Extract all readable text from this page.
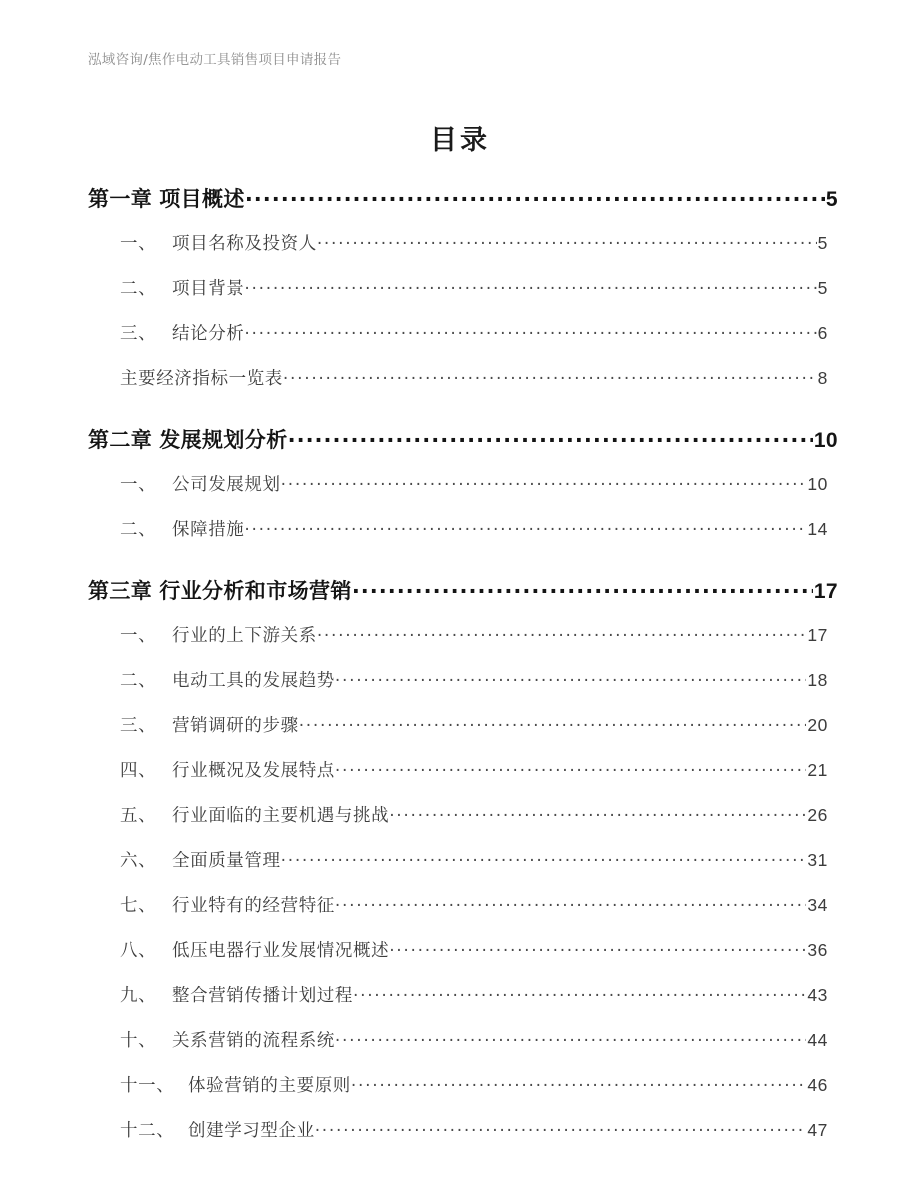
泓域咨询/焦作电动工具销售项目申请报告
目录
第一章 项目概述 .....	5
一、 项目名称及投资人 .....	5
二、 项目背景 .....	5
三、 结论分析 .....	6
主要经济指标一览表 .....	8
第二章 发展规划分析 .....	10
一、 公司发展规划 .....	10
二、 保障措施 .....	14
第三章 行业分析和市场营销 .....	17
一、 行业的上下游关系 .....	17
二、 电动工具的发展趋势 .....	18
三、 营销调研的步骤 .....	20
四、 行业概况及发展特点 .....	21
五、 行业面临的主要机遇与挑战 .....	26
六、 全面质量管理 .....	31
七、 行业特有的经营特征 .....	34
八、 低压电器行业发展情况概述 .....	36
九、 整合营销传播计划过程 .....	43
十、 关系营销的流程系统 .....	44
十一、 体验营销的主要原则 .....	46
十二、 创建学习型企业 .....	47
